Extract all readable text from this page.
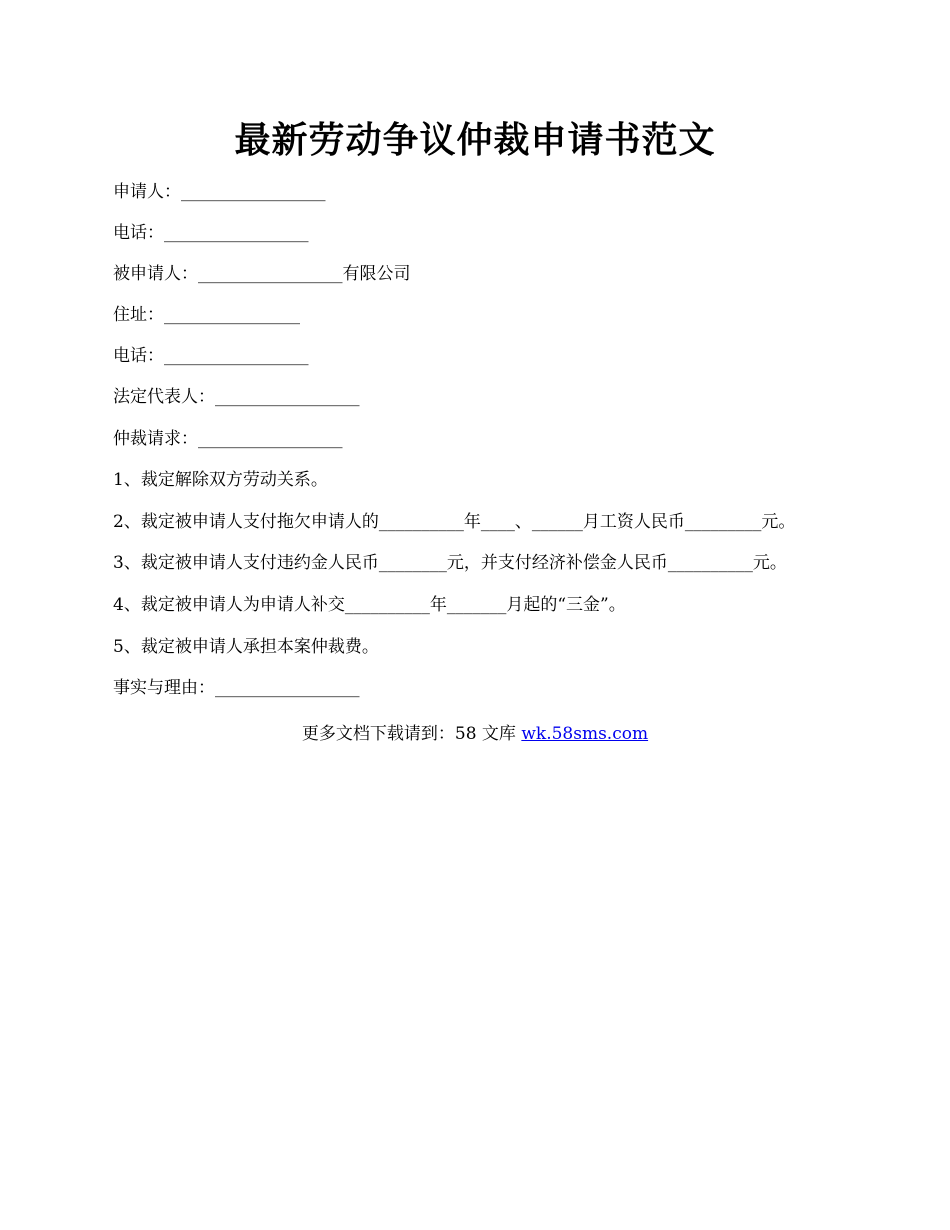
最新劳动争议仲裁申请书范文
申请人：_________________
电话：_________________
被申请人：_________________有限公司
住址：________________
电话：_________________
法定代表人：_________________
仲裁请求：_________________
1、裁定解除双方劳动关系。
2、裁定被申请人支付拖欠申请人的__________年____、______月工资人民币_________元。
3、裁定被申请人支付违约金人民币________元，并支付经济补偿金人民币__________元。
4、裁定被申请人为申请人补交__________年_______月起的“三金”。
5、裁定被申请人承担本案仲裁费。
事实与理由：_________________
更多文档下载请到：58 文库 wk.58sms.com
